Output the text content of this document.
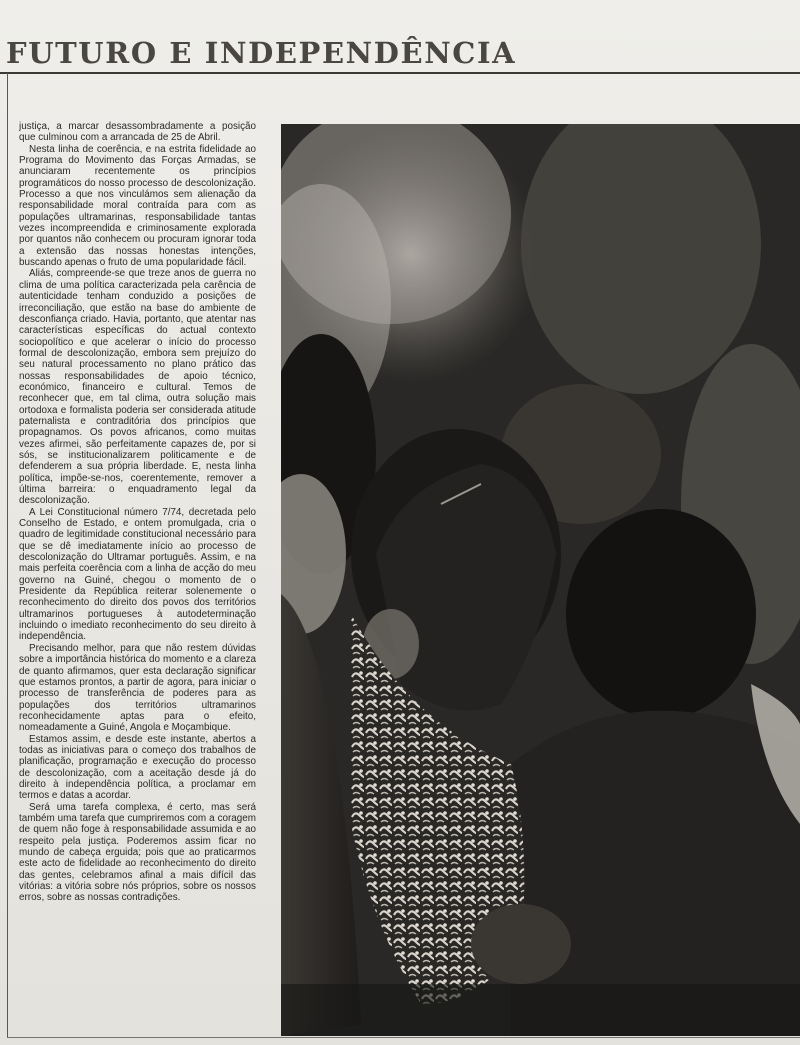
FUTURO E INDEPENDÊNCIA

justiça, a marcar desassombradamente a posição que culminou com a arrancada de 25 de Abril.

Nesta linha de coerência, e na estrita fidelidade ao Programa do Movimento das Forças Armadas, se anunciaram recentemente os princípios programáticos do nosso processo de descolonização. Processo a que nos vinculámos sem alienação da responsabilidade moral contraída para com as populações ultramarinas, responsabilidade tantas vezes incompreendida e criminosamente explorada por quantos não conhecem ou procuram ignorar toda a extensão das nossas honestas intenções, buscando apenas o fruto de uma popularidade fácil.

Aliás, compreende-se que treze anos de guerra no clima de uma política caracterizada pela carência de autenticidade tenham conduzido a posições de irreconciliação, que estão na base do ambiente de desconfiança criado. Havia, portanto, que atentar nas características específicas do actual contexto sociopolítico e que acelerar o início do processo formal de descolonização, embora sem prejuízo do seu natural processamento no plano prático das nossas responsabilidades de apoio técnico, económico, financeiro e cultural. Temos de reconhecer que, em tal clima, outra solução mais ortodoxa e formalista poderia ser considerada atitude paternalista e contraditória dos princípios que propagnamos. Os povos africanos, como muitas vezes afirmei, são perfeitamente capazes de, por si sós, se institucionalizarem politicamente e de defenderem a sua própria liberdade. E, nesta linha política, impõe-se-nos, coerentemente, remover a última barreira: o enquadramento legal da descolonização.

A Lei Constitucional número 7/74, decretada pelo Conselho de Estado, e ontem promulgada, cria o quadro de legitimidade constitucional necessário para que se dê imediatamente início ao processo de descolonização do Ultramar português. Assim, e na mais perfeita coerência com a linha de acção do meu governo na Guiné, chegou o momento de o Presidente da República reiterar solenemente o reconhecimento do direito dos povos dos territórios ultramarinos portugueses à autodeterminação incluindo o imediato reconhecimento do seu direito à independência.

Precisando melhor, para que não restem dúvidas sobre a importância histórica do momento e a clareza de quanto afirmamos, quer esta declaração significar que estamos prontos, a partir de agora, para iniciar o processo de transferência de poderes para as populações dos territórios ultramarinos reconhecidamente aptas para o efeito, nomeadamente a Guiné, Angola e Moçambique.

Estamos assim, e desde este instante, abertos a todas as iniciativas para o começo dos trabalhos de planificação, programação e execução do processo de descolonização, com a aceitação desde já do direito à independência política, a proclamar em termos e datas a acordar.

Será uma tarefa complexa, é certo, mas será também uma tarefa que cumpriremos com a coragem de quem não foge à responsabilidade assumida e ao respeito pela justiça. Poderemos assim ficar no mundo de cabeça erguida; pois que ao praticarmos este acto de fidelidade ao reconhecimento do direito das gentes, celebramos afinal a mais difícil das vitórias: a vitória sobre nós próprios, sobre os nossos erros, sobre as nossas contradições.
